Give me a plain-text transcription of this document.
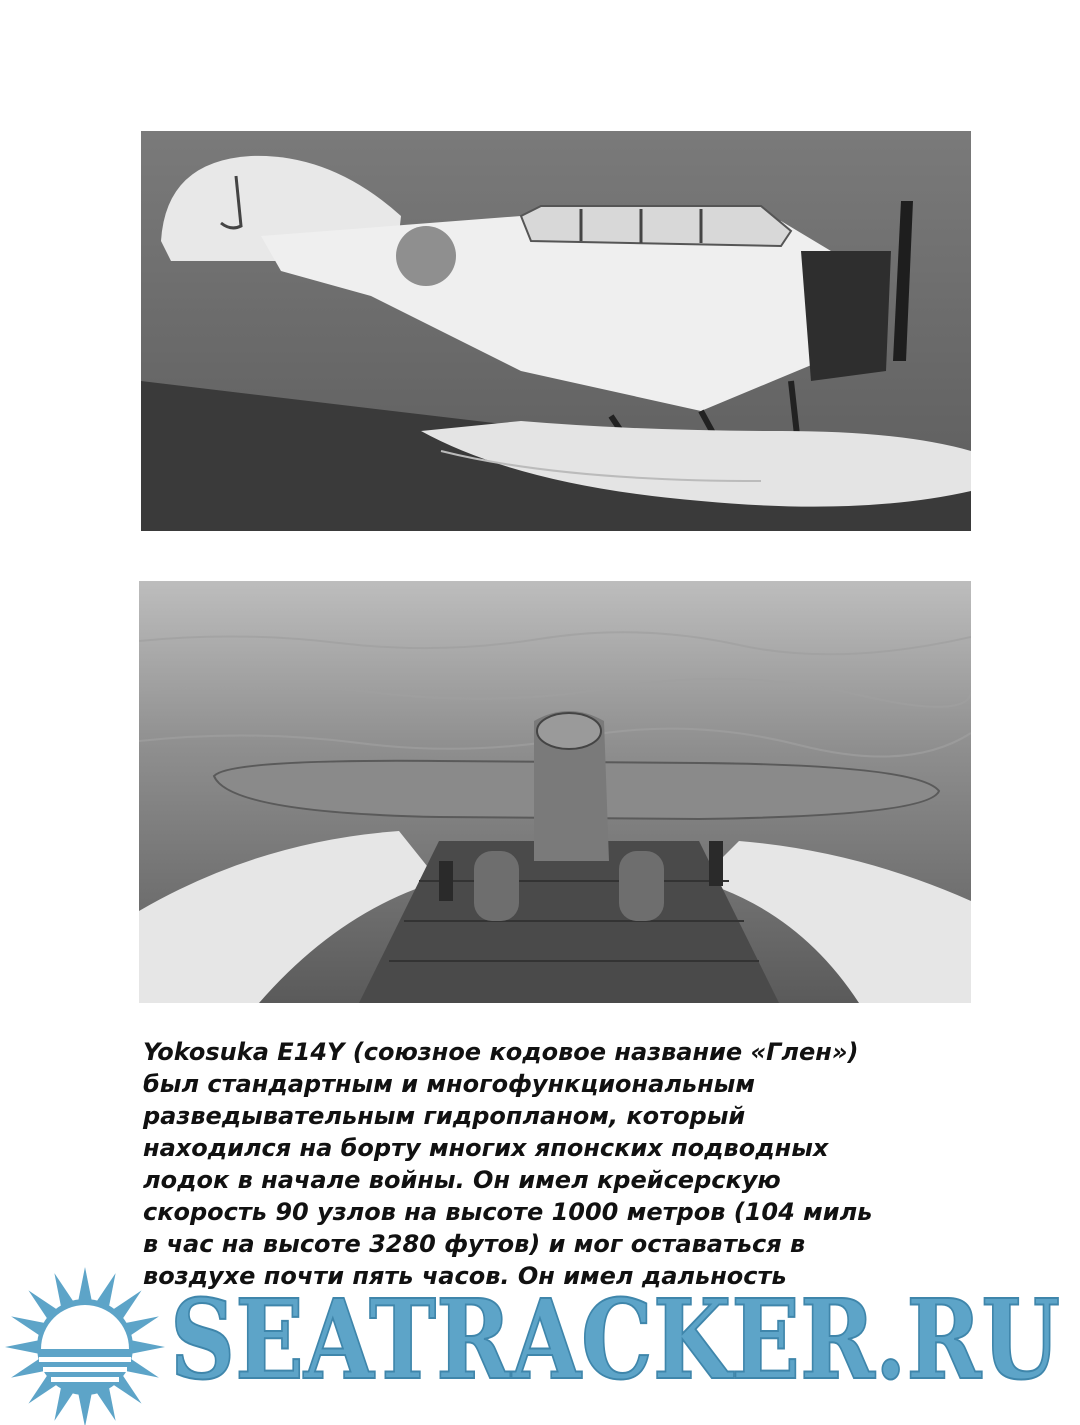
Yokosuka E14Y (союзное кодовое название «Глен»)
был стандартным и многофункциональным
разведывательным гидропланом, который
находился на борту многих японских подводных
лодок в начале войны. Он имел крейсерскую
скорость 90 узлов на высоте 1000 метров (104 миль
в час на высоте 3280 футов) и мог оставаться в
воздухе почти пять часов. Он имел дальность

SEATRACKER.RU
